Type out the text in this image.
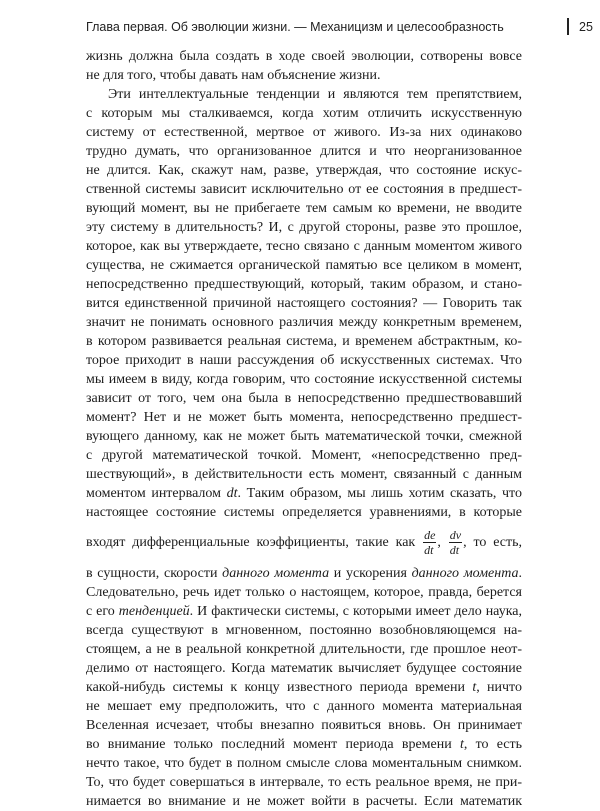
Глава первая. Об эволюции жизни. — Механицизм и целесообразность	25
жизнь должна была создать в ходе своей эволюции, сотворены вовсе
не для того, чтобы давать нам объяснение жизни.
Эти интеллектуальные тенденции и являются тем препятствием,
с которым мы сталкиваемся, когда хотим отличить искусственную
систему от естественной, мертвое от живого. Из-за них одинаково
трудно думать, что организованное длится и что неорганизованное
не длится. Как, скажут нам, разве, утверждая, что состояние искус-
ственной системы зависит исключительно от ее состояния в предшест-
вующий момент, вы не прибегаете тем самым ко времени, не вводите
эту систему в длительность? И, с другой стороны, разве это прошлое,
которое, как вы утверждаете, тесно связано с данным моментом живого
существа, не сжимается органической памятью все целиком в момент,
непосредственно предшествующий, который, таким образом, и стано-
вится единственной причиной настоящего состояния? — Говорить так
значит не понимать основного различия между конкретным временем,
в котором развивается реальная система, и временем абстрактным, ко-
торое приходит в наши рассуждения об искусственных системах. Что
мы имеем в виду, когда говорим, что состояние искусственной системы
зависит от того, чем она была в непосредственно предшествовавший
момент? Нет и не может быть момента, непосредственно предшест-
вующего данному, как не может быть математической точки, смежной
с другой математической точкой. Момент, «непосредственно пред-
шествующий», в действительности есть момент, связанный с данным
моментом интервалом dt. Таким образом, мы лишь хотим сказать, что
настоящее состояние системы определяется уравнениями, в которые
входят дифференциальные коэффициенты, такие как $\frac{de}{dt}$ , $\frac{dv}{dt}$ , то есть,
в сущности, скорости данного момента и ускорения данного момента.
Следовательно, речь идет только о настоящем, которое, правда, берется
с его тенденцией. И фактически системы, с которыми имеет дело наука,
всегда существуют в мгновенном, постоянно возобновляющемся на-
стоящем, а не в реальной конкретной длительности, где прошлое неот-
делимо от настоящего. Когда математик вычисляет будущее состояние
какой-нибудь системы к концу известного периода времени t, ничто
не мешает ему предположить, что с данного момента материальная
Вселенная исчезает, чтобы внезапно появиться вновь. Он принимает
во внимание только последний момент периода времени t, то есть
нечто такое, что будет в полном смысле слова моментальным снимком.
То, что будет совершаться в интервале, то есть реальное время, не при-
нимается во внимание и не может войти в расчеты. Если математик
